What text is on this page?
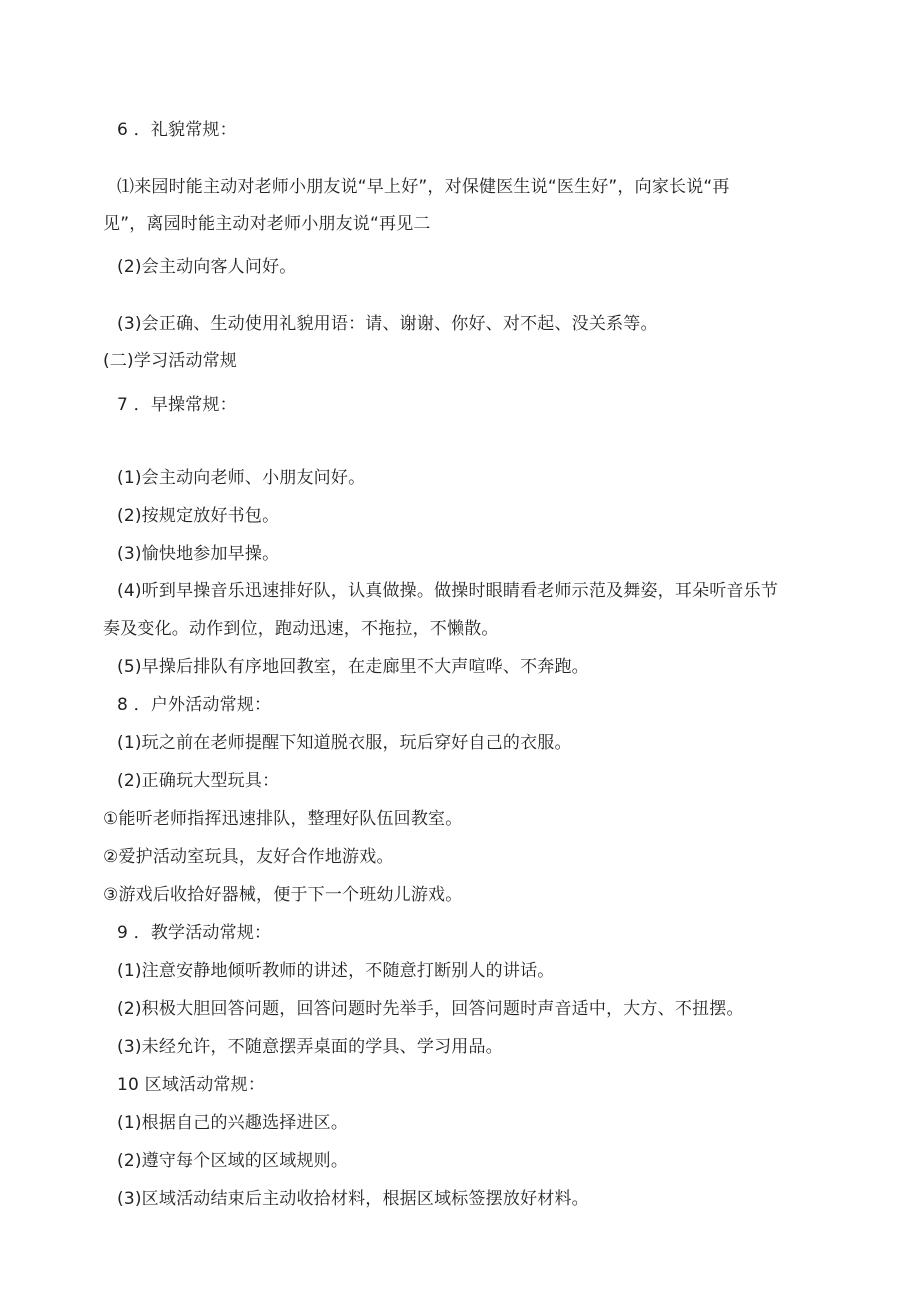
6 ．礼貌常规：
⑴来园时能主动对老师小朋友说“早上好”，对保健医生说“医生好”，向家长说“再
见”，离园时能主动对老师小朋友说“再见二
(2)会主动向客人问好。
(3)会正确、生动使用礼貌用语：请、谢谢、你好、对不起、没关系等。
(二)学习活动常规
7 ．早操常规：
(1)会主动向老师、小朋友问好。
(2)按规定放好书包。
(3)愉快地参加早操。
(4)听到早操音乐迅速排好队，认真做操。做操时眼睛看老师示范及舞姿，耳朵听音乐节
奏及变化。动作到位，跑动迅速，不拖拉，不懒散。
(5)早操后排队有序地回教室，在走廊里不大声喧哗、不奔跑。
8 ．户外活动常规：
(1)玩之前在老师提醒下知道脱衣服，玩后穿好自己的衣服。
(2)正确玩大型玩具：
①能听老师指挥迅速排队，整理好队伍回教室。
②爱护活动室玩具，友好合作地游戏。
③游戏后收拾好器械，便于下一个班幼儿游戏。
9 ．教学活动常规：
(1)注意安静地倾听教师的讲述，不随意打断别人的讲话。
(2)积极大胆回答问题，回答问题时先举手，回答问题时声音适中，大方、不扭摆。
(3)未经允许，不随意摆弄桌面的学具、学习用品。
10 区域活动常规：
(1)根据自己的兴趣选择进区。
(2)遵守每个区域的区域规则。
(3)区域活动结束后主动收拾材料，根据区域标签摆放好材料。
